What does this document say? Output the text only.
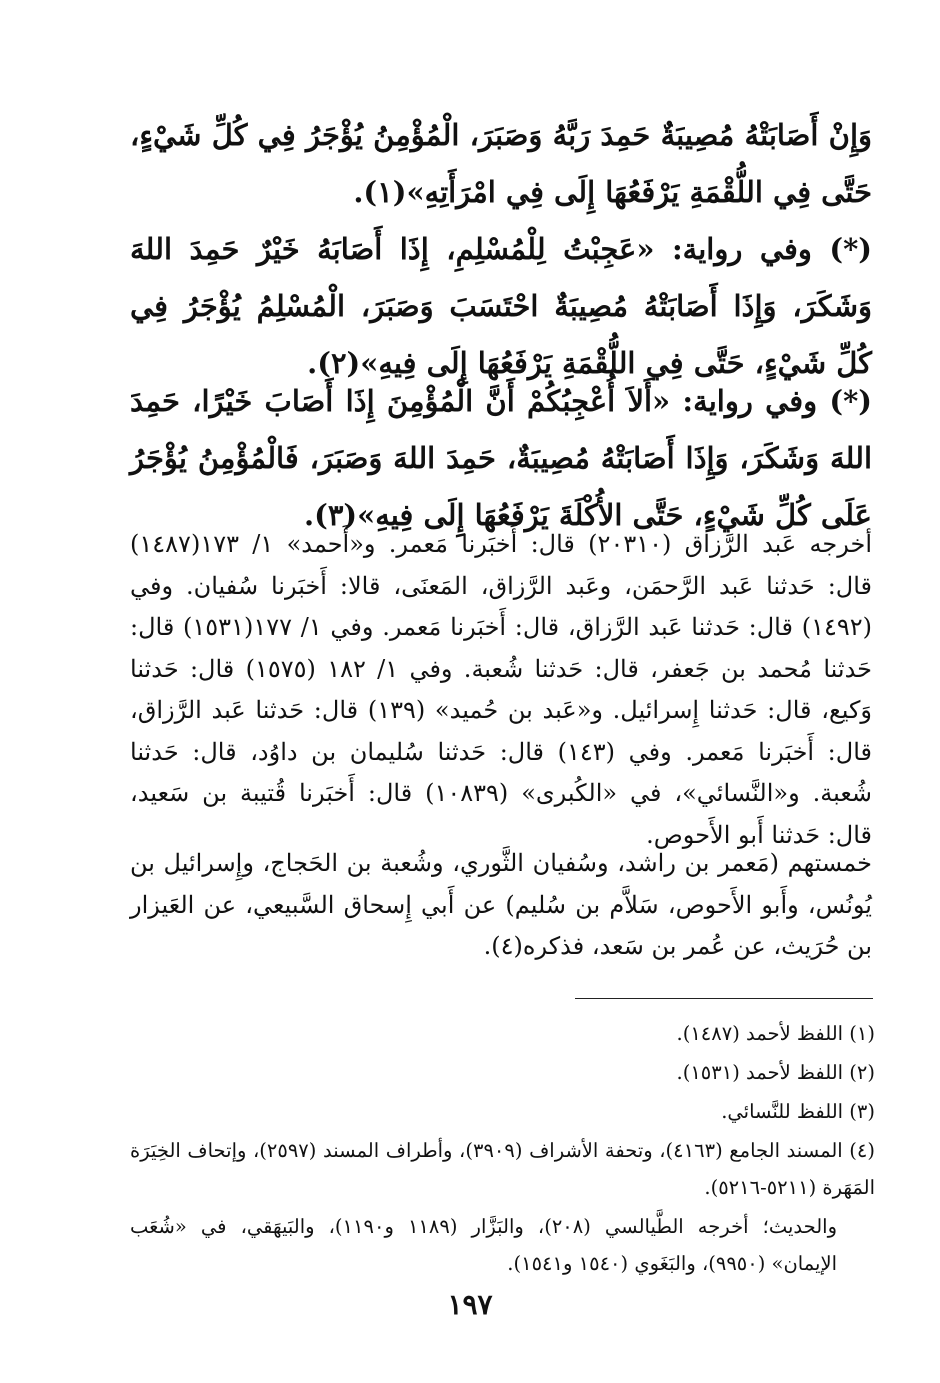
وَإِنْ أَصَابَتْهُ مُصِيبَةٌ حَمِدَ رَبَّهُ وَصَبَرَ، الْمُؤْمِنُ يُؤْجَرُ فِي كُلِّ شَيْءٍ، حَتَّى فِي اللُّقْمَةِ يَرْفَعُهَا إِلَى فِي امْرَأَتِهِ»(١).

(*) وفي رواية: «عَجِبْتُ لِلْمُسْلِمِ، إِذَا أَصَابَهُ خَيْرٌ حَمِدَ اللهَ وَشَكَرَ، وَإِذَا أَصَابَتْهُ مُصِيبَةٌ احْتَسَبَ وَصَبَرَ، الْمُسْلِمُ يُؤْجَرُ فِي كُلِّ شَيْءٍ، حَتَّى فِي اللُّقْمَةِ يَرْفَعُهَا إِلَى فِيهِ»(٢).

(*) وفي رواية: «أَلاَ أُعْجِبُكُمْ أَنَّ الْمُؤْمِنَ إِذَا أَصَابَ خَيْرًا، حَمِدَ اللهَ وَشَكَرَ، وَإِذَا أَصَابَتْهُ مُصِيبَةٌ، حَمِدَ اللهَ وَصَبَرَ، فَالْمُؤْمِنُ يُؤْجَرُ عَلَى كُلِّ شَيْءٍ، حَتَّى الأُكْلَةَ يَرْفَعُهَا إِلَى فِيهِ»(٣).

أخرجه عَبد الرَّزاق (٢٠٣١٠) قال: أَخبَرنا مَعمر. و«أَحمد» ١/ ١٧٣(١٤٨٧) قال: حَدثنا عَبد الرَّحمَن، وعَبد الرَّزاق، المَعنَى، قالا: أَخبَرنا سُفيان. وفي (١٤٩٢) قال: حَدثنا عَبد الرَّزاق، قال: أَخبَرنا مَعمر. وفي ١/ ١٧٧(١٥٣١) قال: حَدثنا مُحمد بن جَعفر، قال: حَدثنا شُعبة. وفي ١/ ١٨٢ (١٥٧٥) قال: حَدثنا وَكيع، قال: حَدثنا إِسرائيل. و«عَبد بن حُميد» (١٣٩) قال: حَدثنا عَبد الرَّزاق، قال: أَخبَرنا مَعمر. وفي (١٤٣) قال: حَدثنا سُليمان بن داوُد، قال: حَدثنا شُعبة. و«النَّسائي»، في «الكُبرى» (١٠٨٣٩) قال: أَخبَرنا قُتيبة بن سَعيد، قال: حَدثنا أَبو الأَحوص.

خمستهم (مَعمر بن راشد، وسُفيان الثَّوري، وشُعبة بن الحَجاج، وإِسرائيل بن يُونُس، وأَبو الأَحوص، سَلاَّم بن سُليم) عن أَبي إِسحاق السَّبيعي، عن العَيزار بن حُرَيث، عن عُمر بن سَعد، فذكره(٤).

(١) اللفظ لأحمد (١٤٨٧).

(٢) اللفظ لأحمد (١٥٣١).

(٣) اللفظ للنَّسائي.

(٤) المسند الجامع (٤١٦٣)، وتحفة الأشراف (٣٩٠٩)، وأطراف المسند (٢٥٩٧)، وإتحاف الخِيَرَة المَهَرة (٥٢١١-٥٢١٦).

والحديث؛ أخرجه الطَّيالسي (٢٠٨)، والبَزَّار (١١٨٩ و١١٩٠)، والبَيهَقي، في «شُعَب الإيمان» (٩٩٥٠)، والبَغَوي (١٥٤٠ و١٥٤١).

١٩٧
